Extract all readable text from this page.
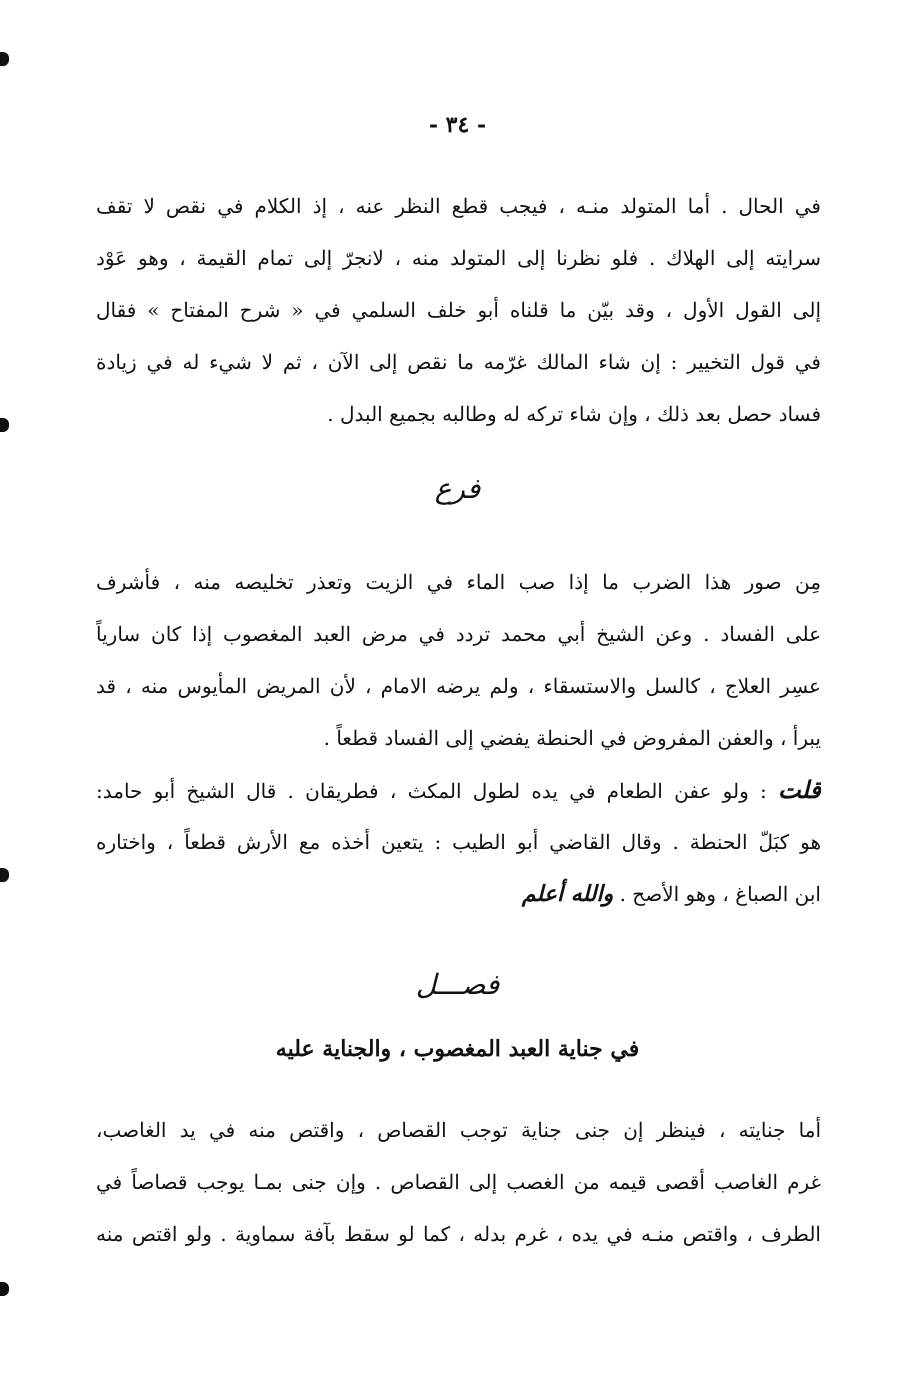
- ٣٤ -
في الحال . أما المتولد منـه ، فيجب قطع النظر عنه ، إذ الكلام في نقص لا تقف
سرايته إلى الهلاك . فلو نظرنا إلى المتولد منه ، لانجرّ إلى تمام القيمة ، وهو عَوْد
إلى القول الأول ، وقد بيّن ما قلناه أبو خلف السلمي في « شرح المفتاح » فقال
في قول التخيير : إن شاء المالك غرّمه ما نقص إلى الآن ، ثم لا شيء له في زيادة
فساد حصل بعد ذلك ، وإن شاء تركه له وطالبه بجميع البدل .
فرع
مِن صور هذا الضرب ما إذا صب الماء في الزيت وتعذر تخليصه منه ، فأشرف
على الفساد . وعن الشيخ أبي محمد تردد في مرض العبد المغصوب إذا كان سارياً
عسِر العلاج ، كالسل والاستسقاء ، ولم يرضه الامام ، لأن المريض المأيوس منه ، قد
يبرأ ، والعفن المفروض في الحنطة يفضي إلى الفساد قطعاً .
قلت : ولو عفن الطعام في يده لطول المكث ، فطريقان . قال الشيخ أبو حامد:
هو كبَلّ الحنطة . وقال القاضي أبو الطيب : يتعين أخذه مع الأرش قطعاً ، واختاره
ابن الصباغ ، وهو الأصح . والله أعلم
فصـــل
في جناية العبد المغصوب ، والجناية عليه
أما جنايته ، فينظر إن جنى جناية توجب القصاص ، واقتص منه في يد الغاصب،
غرم الغاصب أقصى قيمه من الغصب إلى القصاص . وإن جنى بمـا يوجب قصاصاً في
الطرف ، واقتص منـه في يده ، غرم بدله ، كما لو سقط بآفة سماوية . ولو اقتص منه
